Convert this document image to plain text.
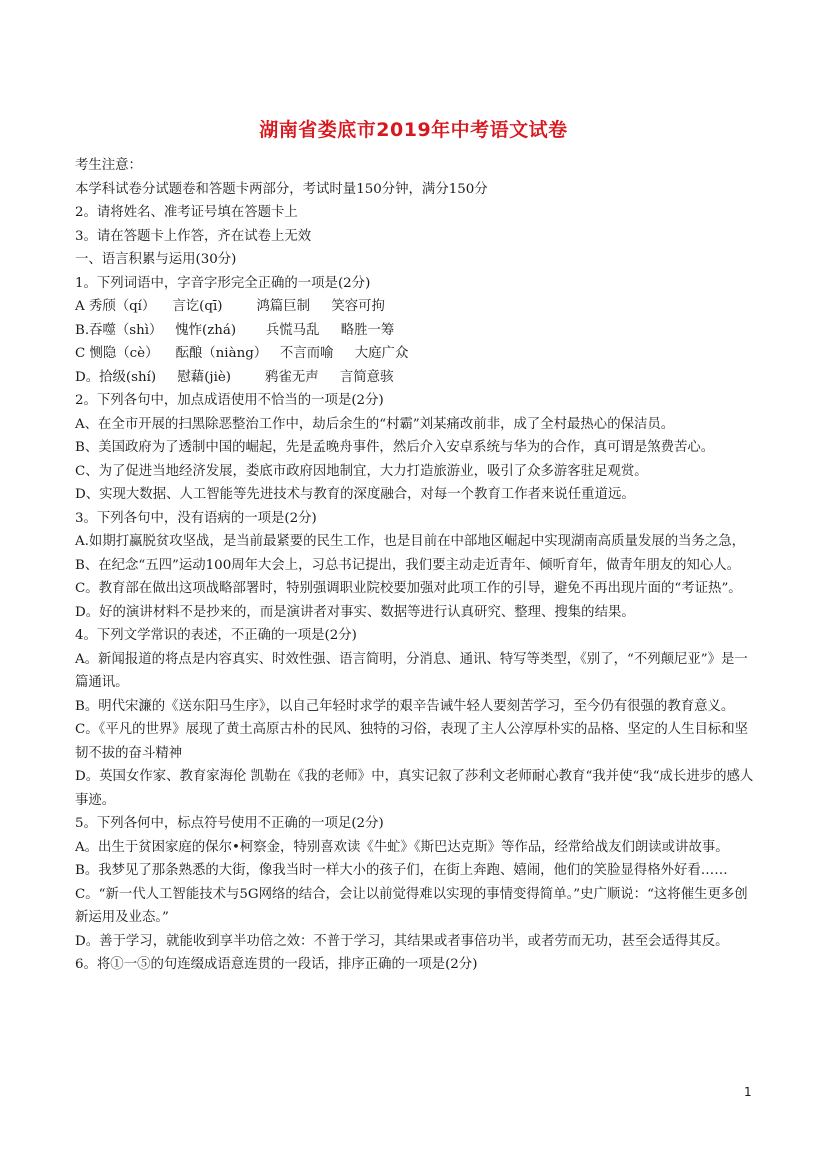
湖南省娄底市2019年中考语文试卷
考生注意：
本学科试卷分试题卷和答题卡两部分，考试时量150分钟，满分150分
2。请将姓名、准考证号填在答题卡上
3。请在答题卡上作答，齐在试卷上无效
一、语言积累与运用(30分)
1。下列词语中，字音字形完全正确的一项是(2分)
A 秀颀（qí）    言讫(qī)        鸿篇巨制     笑容可拘
B.吞噬（shì）   愧怍(zhá)       兵慌马乱     略胜一筹
C 恻隐（cè）    酝酿（niàng）   不言而喻     大庭广众
D。拾级(shí)     慰藉(jiè)        鸦雀无声     言简意骇
2。下列各句中，加点成语使用不恰当的一项是(2分)
A、在全市开展的扫黑除恶整治工作中，劫后余生的“村霸”刘某痛改前非，成了全村最热心的保洁员。
B、美国政府为了透制中国的崛起，先是孟晚舟事件，然后介入安卓系统与华为的合作，真可谓是煞费苦心。
C、为了促进当地经济发展，娄底市政府因地制宜，大力打造旅游业，吸引了众多游客驻足观赏。
D、实现大数据、人工智能等先进技术与教育的深度融合，对每一个教育工作者来说任重道远。
3。下列各句中，没有语病的一项是(2分)
A.如期打赢脱贫攻坚战，是当前最紧要的民生工作，也是目前在中部地区崛起中实现湖南高质量发展的当务之急，
B、在纪念“五四”运动100周年大会上，习总书记提出，我们要主动走近青年、倾听育年，做青年朋友的知心人。
C。教育部在做出这项战略部署时，特别强调职业院校要加强对此项工作的引导，避免不再出现片面的“考证热”。
D。好的演讲材料不是抄来的，而是演讲者对事实、数据等进行认真研究、整理、搜集的结果。
4。下列文学常识的表述，不正确的一项是(2分)
A。新闻报道的将点是内容真实、时效性强、语言简明，分消息、通讯、特写等类型，《别了，“不列颠尼亚”》是一篇通讯。
B。明代宋濂的《送东阳马生序》，以自己年轻时求学的艰辛告诫牛轻人要刻苦学习，至今仍有很强的教育意义。
C。《平凡的世界》展现了黄土高原古朴的民风、独特的习俗，表现了主人公淳厚朴实的品格、坚定的人生目标和坚韧不拔的奋斗精神
D。英国女作家、教育家海伦 凯勒在《我的老师》中，真实记叙了莎利文老师耐心教育“我并使“我“成长进步的感人事迹。
5。下列各何中，标点符号使用不正确的一项足(2分)
A。出生于贫困家庭的保尔•柯察金，特别喜欢读《牛虻》《斯巴达克斯》等作品，经常给战友们朗读或讲故事。
B。我梦见了那条熟悉的大街，像我当时一样大小的孩子们，在街上奔跑、嬉闹，他们的笑脸显得格外好看……
C。“新一代人工智能技术与5G网络的结合，会让以前觉得难以实现的事情变得简单。”史广顺说：“这将催生更多创新运用及业态。”
D。善于学习，就能收到享半功倍之效：不普于学习，其结果或者事倍功半，或者劳而无功，甚至会适得其反。
6。将①一⑤的句连缀成语意连贯的一段话，排序正确的一项是(2分)
1
